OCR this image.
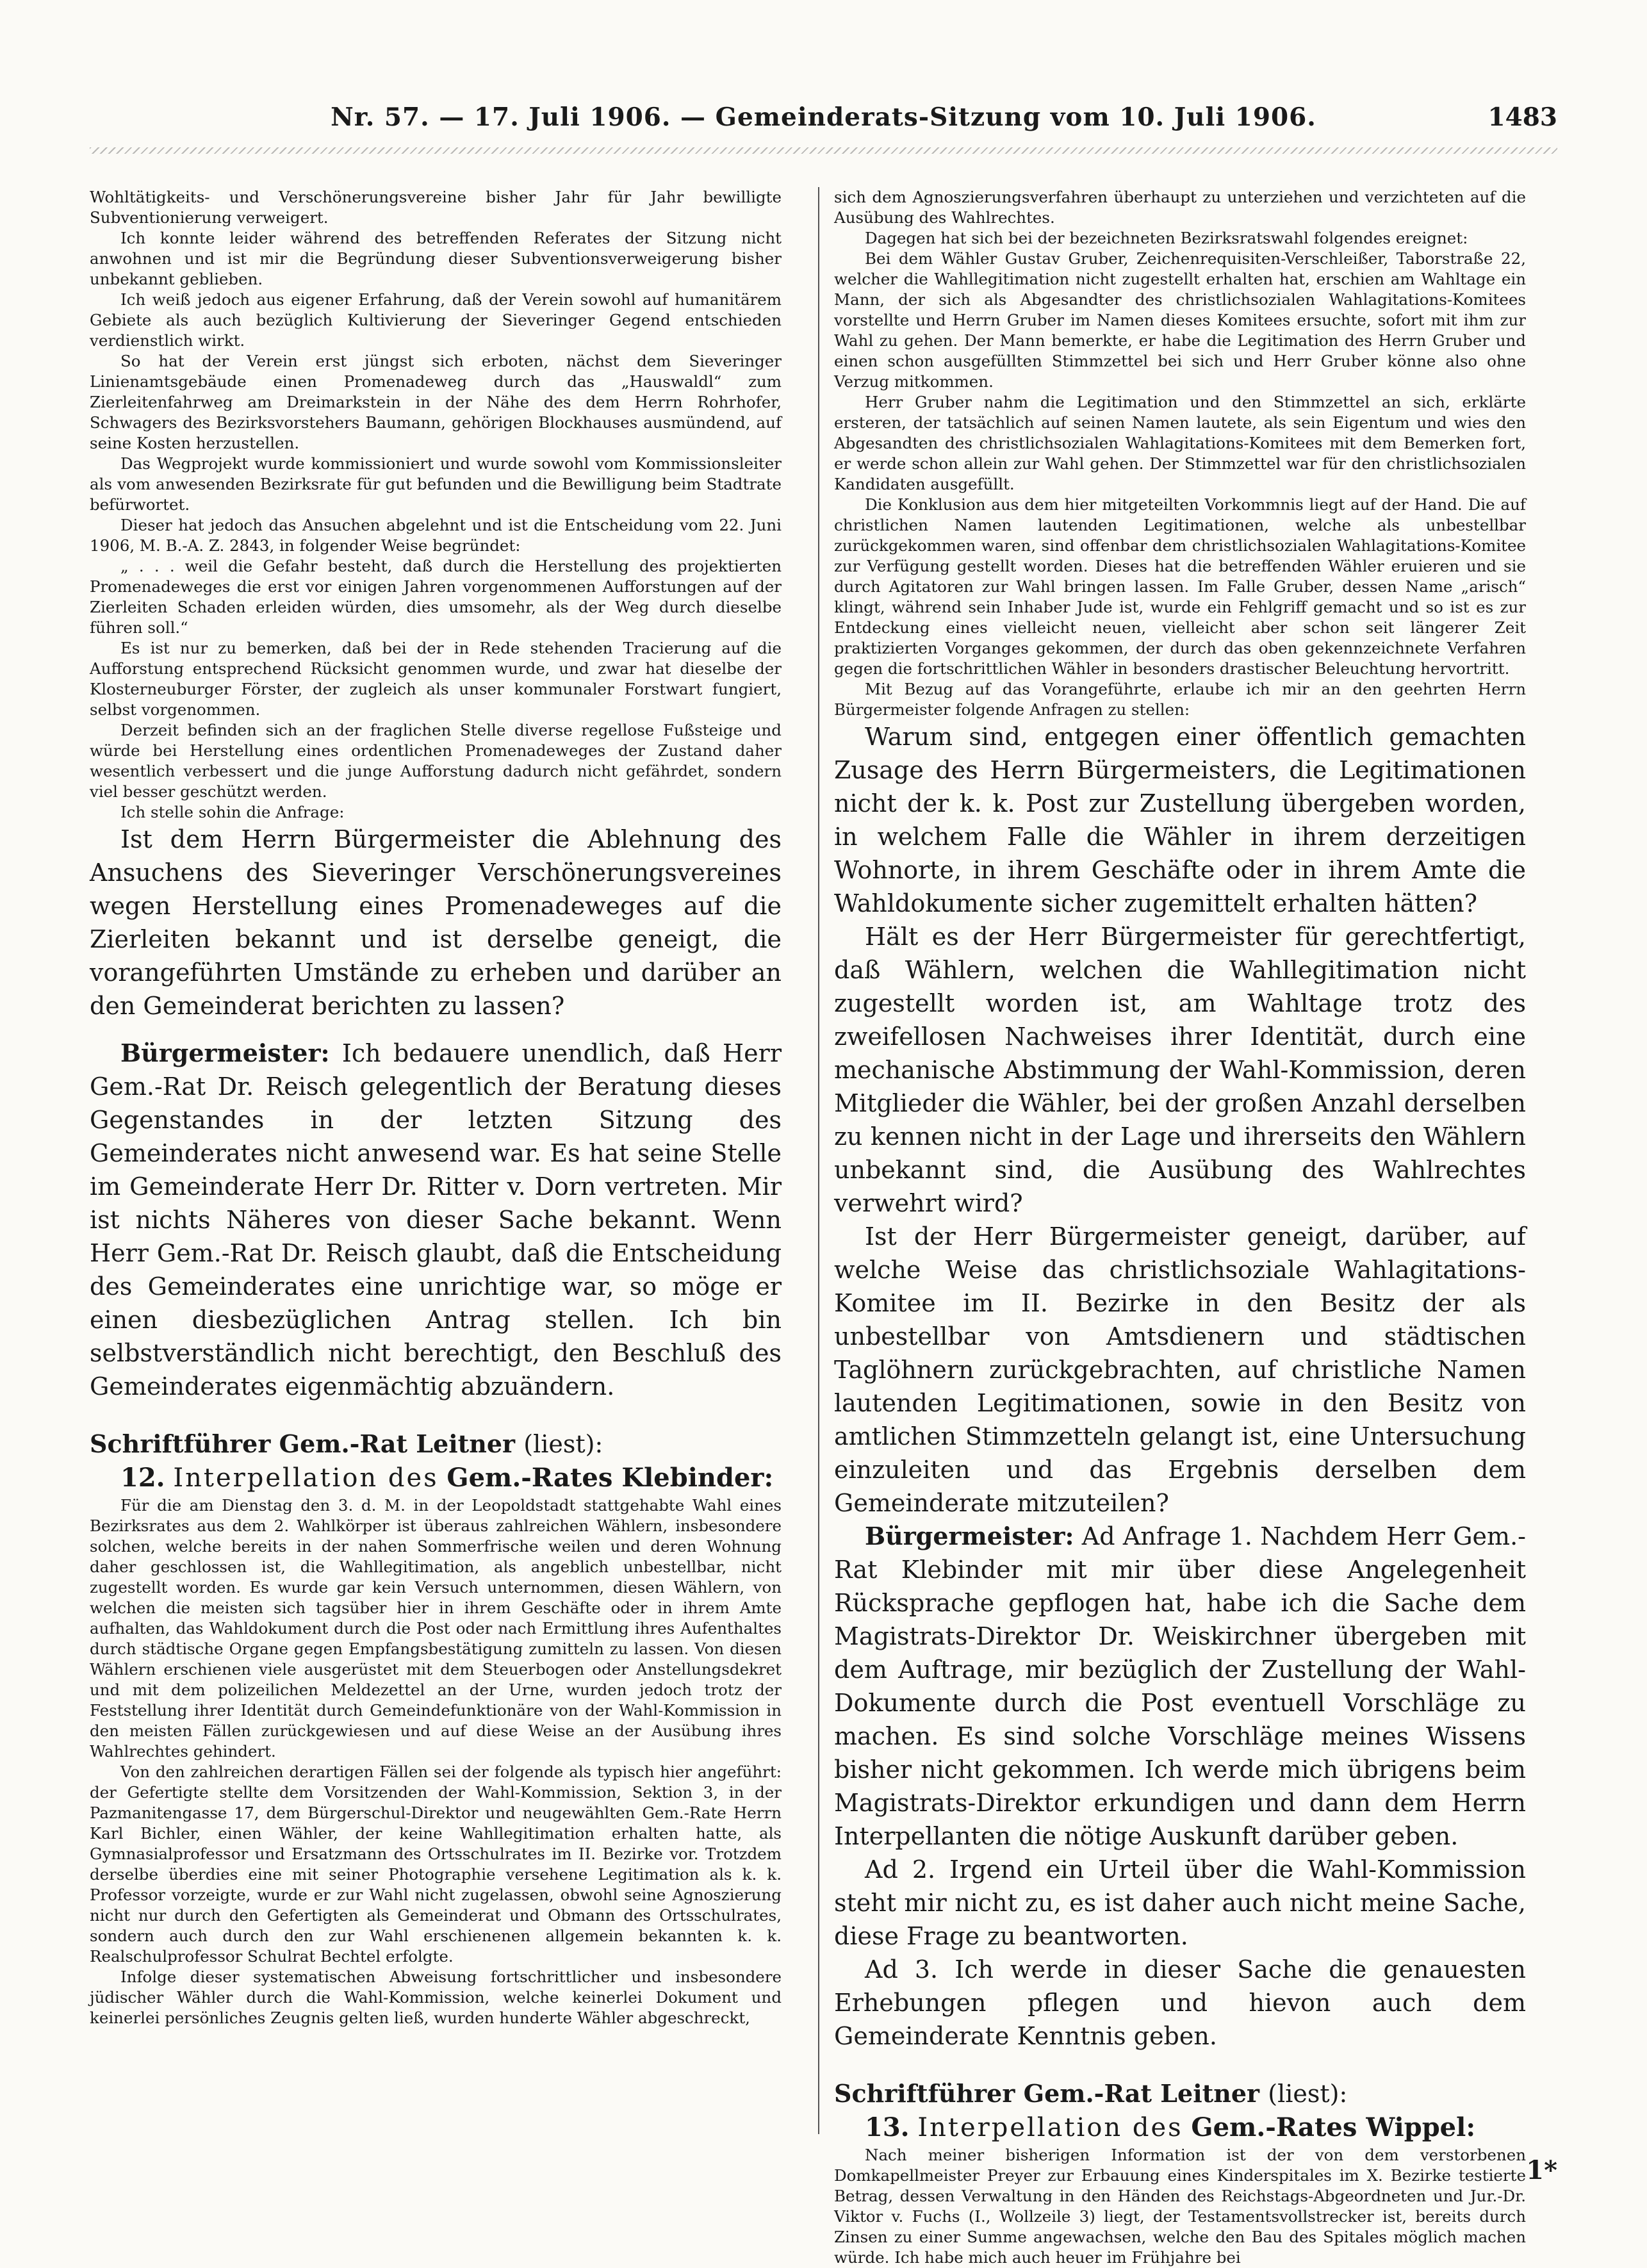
Nr. 57. — 17. Juli 1906. — Gemeinderats-Sitzung vom 10. Juli 1906.	1483

Wohltätigkeits- und Verschönerungsvereine bisher Jahr für Jahr bewilligte Subventionierung verweigert.

Ich konnte leider während des betreffenden Referates der Sitzung nicht anwohnen und ist mir die Begründung dieser Subventionsverweigerung bisher unbekannt geblieben.

Ich weiß jedoch aus eigener Erfahrung, daß der Verein sowohl auf humanitärem Gebiete als auch bezüglich Kultivierung der Sieveringer Gegend entschieden verdienstlich wirkt.

So hat der Verein erst jüngst sich erboten, nächst dem Sieveringer Linienamtsgebäude einen Promenadeweg durch das „Hauswaldl“ zum Zierleitenfahrweg am Dreimarkstein in der Nähe des dem Herrn Rohrhofer, Schwagers des Bezirksvorstehers Baumann, gehörigen Blockhauses ausmündend, auf seine Kosten herzustellen.

Das Wegprojekt wurde kommissioniert und wurde sowohl vom Kommissionsleiter als vom anwesenden Bezirksrate für gut befunden und die Bewilligung beim Stadtrate befürwortet.

Dieser hat jedoch das Ansuchen abgelehnt und ist die Entscheidung vom 22. Juni 1906, M. B.-A. Z. 2843, in folgender Weise begründet:

„ . . . weil die Gefahr besteht, daß durch die Herstellung des projektierten Promenadeweges die erst vor einigen Jahren vorgenommenen Aufforstungen auf der Zierleiten Schaden erleiden würden, dies umsomehr, als der Weg durch dieselbe führen soll.“

Es ist nur zu bemerken, daß bei der in Rede stehenden Tracierung auf die Aufforstung entsprechend Rücksicht genommen wurde, und zwar hat dieselbe der Klosterneuburger Förster, der zugleich als unser kommunaler Forstwart fungiert, selbst vorgenommen.

Derzeit befinden sich an der fraglichen Stelle diverse regellose Fußsteige und würde bei Herstellung eines ordentlichen Promenadeweges der Zustand daher wesentlich verbessert und die junge Aufforstung dadurch nicht gefährdet, sondern viel besser geschützt werden.

Ich stelle sohin die Anfrage:

Ist dem Herrn Bürgermeister die Ablehnung des Ansuchens des Sieveringer Verschönerungsvereines wegen Herstellung eines Promenadeweges auf die Zierleiten bekannt und ist derselbe geneigt, die vorangeführten Umstände zu erheben und darüber an den Gemeinderat berichten zu lassen?

Bürgermeister: Ich bedauere unendlich, daß Herr Gem.-Rat Dr. Reisch gelegentlich der Beratung dieses Gegenstandes in der letzten Sitzung des Gemeinderates nicht anwesend war. Es hat seine Stelle im Gemeinderate Herr Dr. Ritter v. Dorn vertreten. Mir ist nichts Näheres von dieser Sache bekannt. Wenn Herr Gem.-Rat Dr. Reisch glaubt, daß die Entscheidung des Gemeinderates eine unrichtige war, so möge er einen diesbezüglichen Antrag stellen. Ich bin selbstverständlich nicht berechtigt, den Beschluß des Gemeinderates eigenmächtig abzuändern.

Schriftführer Gem.-Rat Leitner (liest):

12. Interpellation des Gem.-Rates Klebinder:

Für die am Dienstag den 3. d. M. in der Leopoldstadt stattgehabte Wahl eines Bezirksrates aus dem 2. Wahlkörper ist überaus zahlreichen Wählern, insbesondere solchen, welche bereits in der nahen Sommerfrische weilen und deren Wohnung daher geschlossen ist, die Wahllegitimation, als angeblich unbestellbar, nicht zugestellt worden. Es wurde gar kein Versuch unternommen, diesen Wählern, von welchen die meisten sich tagsüber hier in ihrem Geschäfte oder in ihrem Amte aufhalten, das Wahldokument durch die Post oder nach Ermittlung ihres Aufenthaltes durch städtische Organe gegen Empfangsbestätigung zumitteln zu lassen. Von diesen Wählern erschienen viele ausgerüstet mit dem Steuerbogen oder Anstellungsdekret und mit dem polizeilichen Meldezettel an der Urne, wurden jedoch trotz der Feststellung ihrer Identität durch Gemeindefunktionäre von der Wahl-Kommission in den meisten Fällen zurückgewiesen und auf diese Weise an der Ausübung ihres Wahlrechtes gehindert.

Von den zahlreichen derartigen Fällen sei der folgende als typisch hier angeführt: der Gefertigte stellte dem Vorsitzenden der Wahl-Kommission, Sektion 3, in der Pazmanitengasse 17, dem Bürgerschul-Direktor und neugewählten Gem.-Rate Herrn Karl Bichler, einen Wähler, der keine Wahllegitimation erhalten hatte, als Gymnasialprofessor und Ersatzmann des Ortsschulrates im II. Bezirke vor. Trotzdem derselbe überdies eine mit seiner Photographie versehene Legitimation als k. k. Professor vorzeigte, wurde er zur Wahl nicht zugelassen, obwohl seine Agnoszierung nicht nur durch den Gefertigten als Gemeinderat und Obmann des Ortsschulrates, sondern auch durch den zur Wahl erschienenen allgemein bekannten k. k. Realschulprofessor Schulrat Bechtel erfolgte.

Infolge dieser systematischen Abweisung fortschrittlicher und insbesondere jüdischer Wähler durch die Wahl-Kommission, welche keinerlei Dokument und keinerlei persönliches Zeugnis gelten ließ, wurden hunderte Wähler abgeschreckt,

sich dem Agnoszierungsverfahren überhaupt zu unterziehen und verzichteten auf die Ausübung des Wahlrechtes.

Dagegen hat sich bei der bezeichneten Bezirksratswahl folgendes ereignet:

Bei dem Wähler Gustav Gruber, Zeichenrequisiten-Verschleißer, Taborstraße 22, welcher die Wahllegitimation nicht zugestellt erhalten hat, erschien am Wahltage ein Mann, der sich als Abgesandter des christlichsozialen Wahlagitations-Komitees vorstellte und Herrn Gruber im Namen dieses Komitees ersuchte, sofort mit ihm zur Wahl zu gehen. Der Mann bemerkte, er habe die Legitimation des Herrn Gruber und einen schon ausgefüllten Stimmzettel bei sich und Herr Gruber könne also ohne Verzug mitkommen.

Herr Gruber nahm die Legitimation und den Stimmzettel an sich, erklärte ersteren, der tatsächlich auf seinen Namen lautete, als sein Eigentum und wies den Abgesandten des christlichsozialen Wahlagitations-Komitees mit dem Bemerken fort, er werde schon allein zur Wahl gehen. Der Stimmzettel war für den christlichsozialen Kandidaten ausgefüllt.

Die Konklusion aus dem hier mitgeteilten Vorkommnis liegt auf der Hand. Die auf christlichen Namen lautenden Legitimationen, welche als unbestellbar zurückgekommen waren, sind offenbar dem christlichsozialen Wahlagitations-Komitee zur Verfügung gestellt worden. Dieses hat die betreffenden Wähler eruieren und sie durch Agitatoren zur Wahl bringen lassen. Im Falle Gruber, dessen Name „arisch“ klingt, während sein Inhaber Jude ist, wurde ein Fehlgriff gemacht und so ist es zur Entdeckung eines vielleicht neuen, vielleicht aber schon seit längerer Zeit praktizierten Vorganges gekommen, der durch das oben gekennzeichnete Verfahren gegen die fortschrittlichen Wähler in besonders drastischer Beleuchtung hervortritt.

Mit Bezug auf das Vorangeführte, erlaube ich mir an den geehrten Herrn Bürgermeister folgende Anfragen zu stellen:

Warum sind, entgegen einer öffentlich gemachten Zusage des Herrn Bürgermeisters, die Legitimationen nicht der k. k. Post zur Zustellung übergeben worden, in welchem Falle die Wähler in ihrem derzeitigen Wohnorte, in ihrem Geschäfte oder in ihrem Amte die Wahldokumente sicher zugemittelt erhalten hätten?

Hält es der Herr Bürgermeister für gerechtfertigt, daß Wählern, welchen die Wahllegitimation nicht zugestellt worden ist, am Wahltage trotz des zweifellosen Nachweises ihrer Identität, durch eine mechanische Abstimmung der Wahl-Kommission, deren Mitglieder die Wähler, bei der großen Anzahl derselben zu kennen nicht in der Lage und ihrerseits den Wählern unbekannt sind, die Ausübung des Wahlrechtes verwehrt wird?

Ist der Herr Bürgermeister geneigt, darüber, auf welche Weise das christlichsoziale Wahlagitations-Komitee im II. Bezirke in den Besitz der als unbestellbar von Amtsdienern und städtischen Taglöhnern zurückgebrachten, auf christliche Namen lautenden Legitimationen, sowie in den Besitz von amtlichen Stimmzetteln gelangt ist, eine Untersuchung einzuleiten und das Ergebnis derselben dem Gemeinderate mitzuteilen?

Bürgermeister: Ad Anfrage 1. Nachdem Herr Gem.-Rat Klebinder mit mir über diese Angelegenheit Rücksprache gepflogen hat, habe ich die Sache dem Magistrats-Direktor Dr. Weiskirchner übergeben mit dem Auftrage, mir bezüglich der Zustellung der Wahl-Dokumente durch die Post eventuell Vorschläge zu machen. Es sind solche Vorschläge meines Wissens bisher nicht gekommen. Ich werde mich übrigens beim Magistrats-Direktor erkundigen und dann dem Herrn Interpellanten die nötige Auskunft darüber geben.

Ad 2. Irgend ein Urteil über die Wahl-Kommission steht mir nicht zu, es ist daher auch nicht meine Sache, diese Frage zu beantworten.

Ad 3. Ich werde in dieser Sache die genauesten Erhebungen pflegen und hievon auch dem Gemeinderate Kenntnis geben.

Schriftführer Gem.-Rat Leitner (liest):

13. Interpellation des Gem.-Rates Wippel:

Nach meiner bisherigen Information ist der von dem verstorbenen Domkapellmeister Preyer zur Erbauung eines Kinderspitales im X. Bezirke testierte Betrag, dessen Verwaltung in den Händen des Reichstags-Abgeordneten und Jur.-Dr. Viktor v. Fuchs (I., Wollzeile 3) liegt, der Testamentsvollstrecker ist, bereits durch Zinsen zu einer Summe angewachsen, welche den Bau des Spitales möglich machen würde. Ich habe mich auch heuer im Frühjahre bei

1*
